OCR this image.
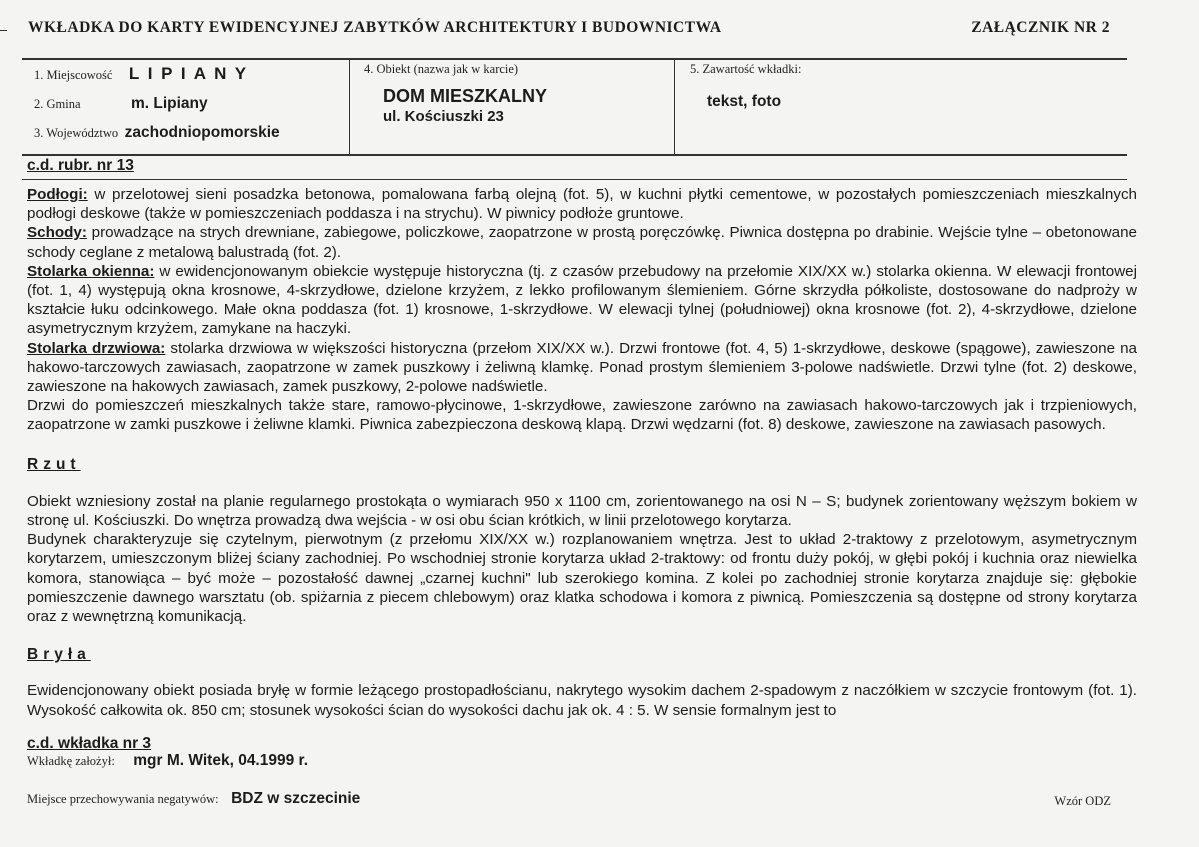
WKŁADKA DO KARTY EWIDENCYJNEJ ZABYTKÓW ARCHITEKTURY I BUDOWNICTWA	ZAŁĄCZNIK NR 2
1. Miejscowość L I P I A N Y
2. Gmina	m. Lipiany
3. Województwo zachodniopomorskie
4. Obiekt (nazwa jak w karcie)
DOM MIESZKALNY
ul. Kościuszki 23
5. Zawartość wkładki:
tekst, foto
c.d. rubr. nr 13

Podłogi: w przelotowej sieni posadzka betonowa, pomalowana farbą olejną (fot. 5), w kuchni płytki cementowe, w pozostałych pomieszczeniach mieszkalnych podłogi deskowe (także w pomieszczeniach poddasza i na strychu). W piwnicy podłoże gruntowe.

Schody: prowadzące na strych drewniane, zabiegowe, policzkowe, zaopatrzone w prostą poręczówkę. Piwnica dostępna po drabinie. Wejście tylne – obetonowane schody ceglane z metalową balustradą (fot. 2).

Stolarka okienna: w ewidencjonowanym obiekcie występuje historyczna (tj. z czasów przebudowy na przełomie XIX/XX w.) stolarka okienna. W elewacji frontowej (fot. 1, 4) występują okna krosnowe, 4-skrzydłowe, dzielone krzyżem, z lekko profilowanym ślemieniem. Górne skrzydła półkoliste, dostosowane do nadprożу w kształcie łuku odcinkowego. Małe okna poddasza (fot. 1) krosnowe, 1-skrzydłowe. W elewacji tylnej (południowej) okna krosnowe (fot. 2), 4-skrzydłowe, dzielone asymetrycznym krzyżem, zamykane na haczyki.

Stolarka drzwiowa: stolarka drzwiowa w większości historyczna (przełom XIX/XX w.). Drzwi frontowe (fot. 4, 5) 1-skrzydłowe, deskowe (spągowe), zawieszone na hakowo-tarczowych zawiasach, zaopatrzone w zamek puszkowy i żeliwną klamkę. Ponad prostym ślemieniem 3-polowe nadświetle. Drzwi tylne (fot. 2) deskowe, zawieszone na hakowych zawiasach, zamek puszkowy, 2-polowe nadświetle.

Drzwi do pomieszczeń mieszkalnych także stare, ramowo-płycinowe, 1-skrzydłowe, zawieszone zarówno na zawiasach hakowo-tarczowych jak i trzpieniowych, zaopatrzone w zamki puszkowe i żeliwne klamki. Piwnica zabezpieczona deskową klapą. Drzwi wędzarni (fot. 8) deskowe, zawieszone na zawiasach pasowych.

Rzut

Obiekt wzniesiony został na planie regularnego prostokąta o wymiarach 950 x 1100 cm, zorientowanego na osi N – S; budynek zorientowany węższym bokiem w stronę ul. Kościuszki. Do wnętrza prowadzą dwa wejścia - w osi obu ścian krótkich, w linii przelotowego korytarza.

Budynek charakteryzuje się czytelnym, pierwotnym (z przełomu XIX/XX w.) rozplanowaniem wnętrza. Jest to układ 2-traktowy z przelotowym, asymetrycznym korytarzem, umieszczonym bliżej ściany zachodniej. Po wschodniej stronie korytarza układ 2-traktowy: od frontu duży pokój, w głębi pokój i kuchnia oraz niewielka komora, stanowiąca – być może – pozostałość dawnej „czarnej kuchni" lub szerokiego komina. Z kolei po zachodniej stronie korytarza znajduje się: głębokie pomieszczenie dawnego warsztatu (ob. spiżarnia z piecem chlebowym) oraz klatka schodowa i komora z piwnicą. Pomieszczenia są dostępne od strony korytarza oraz z wewnętrzną komunikacją.

Bryła

Ewidencjonowany obiekt posiada bryłę w formie leżącego prostopadłościanu, nakrytego wysokim dachem 2-spadowym z naczółkiem w szczycie frontowym (fot. 1). Wysokość całkowita ok. 850 cm; stosunek wysokości ścian do wysokości dachu jak ok. 4 : 5. W sensie formalnym jest to

c.d. wkładka nr 3
Wkładkę założył: mgr M. Witek, 04.1999 r.
Miejsce przechowywania negatywów: BDZ w szczecinie	Wzór ODZ
